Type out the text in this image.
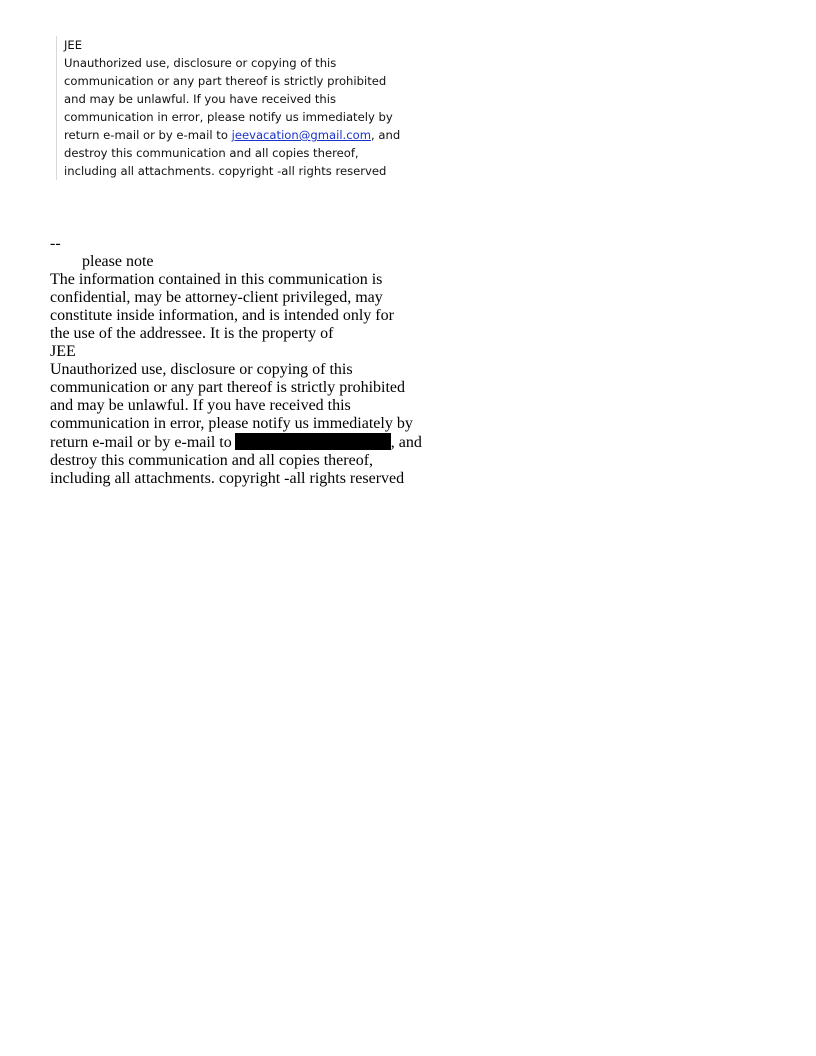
JEE
Unauthorized use, disclosure or copying of this
communication or any part thereof is strictly prohibited
and may be unlawful. If you have received this
communication in error, please notify us immediately by
return e-mail or by e-mail to jeevacation@gmail.com, and
destroy this communication and all copies thereof,
including all attachments. copyright -all rights reserved
--
please note
The information contained in this communication is
confidential, may be attorney-client privileged, may
constitute inside information, and is intended only for
the use of the addressee. It is the property of
JEE
Unauthorized use, disclosure or copying of this
communication or any part thereof is strictly prohibited
and may be unlawful. If you have received this
communication in error, please notify us immediately by
return e-mail or by e-mail to	, and
destroy this communication and all copies thereof,
including all attachments. copyright -all rights reserved
